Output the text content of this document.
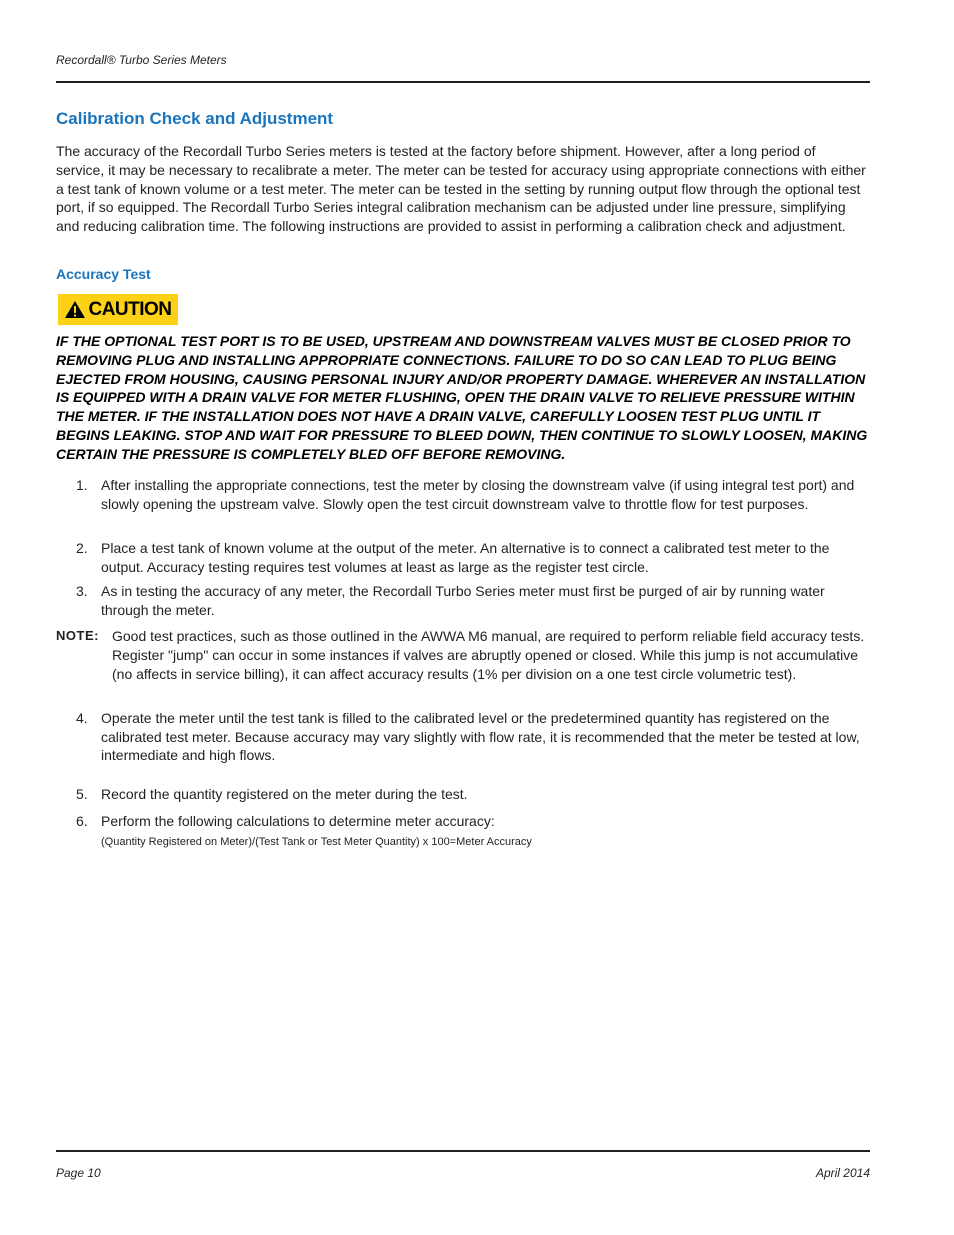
Recordall® Turbo Series Meters
Calibration Check and Adjustment

The accuracy of the Recordall Turbo Series meters is tested at the factory before shipment. However, after a long period of service, it may be necessary to recalibrate a meter. The meter can be tested for accuracy using appropriate connections with either a test tank of known volume or a test meter. The meter can be tested in the setting by running output flow through the optional test port, if so equipped. The Recordall Turbo Series integral calibration mechanism can be adjusted under line pressure, simplifying and reducing calibration time. The following instructions are provided to assist in performing a calibration check and adjustment.

Accuracy Test
CAUTION

IF THE OPTIONAL TEST PORT IS TO BE USED, UPSTREAM AND DOWNSTREAM VALVES MUST BE CLOSED PRIOR TO REMOVING PLUG AND INSTALLING APPROPRIATE CONNECTIONS. FAILURE TO DO SO CAN LEAD TO PLUG BEING EJECTED FROM HOUSING, CAUSING PERSONAL INJURY AND/OR PROPERTY DAMAGE. WHEREVER AN INSTALLATION IS EQUIPPED WITH A DRAIN VALVE FOR METER FLUSHING, OPEN THE DRAIN VALVE TO RELIEVE PRESSURE WITHIN THE METER. IF THE INSTALLATION DOES NOT HAVE A DRAIN VALVE, CAREFULLY LOOSEN TEST PLUG UNTIL IT BEGINS LEAKING. STOP AND WAIT FOR PRESSURE TO BLEED DOWN, THEN CONTINUE TO SLOWLY LOOSEN, MAKING CERTAIN THE PRESSURE IS COMPLETELY BLED OFF BEFORE REMOVING.

1. After installing the appropriate connections, test the meter by closing the downstream valve (if using integral test port) and slowly opening the upstream valve. Slowly open the test circuit downstream valve to throttle flow for test purposes.
2. Place a test tank of known volume at the output of the meter. An alternative is to connect a calibrated test meter to the output. Accuracy testing requires test volumes at least as large as the register test circle.
3. As in testing the accuracy of any meter, the Recordall Turbo Series meter must first be purged of air by running water through the meter.
NOTE: Good test practices, such as those outlined in the AWWA M6 manual, are required to perform reliable field accuracy tests. Register "jump" can occur in some instances if valves are abruptly opened or closed. While this jump is not accumulative (no affects in service billing), it can affect accuracy results (1% per division on a one test circle volumetric test).
4. Operate the meter until the test tank is filled to the calibrated level or the predetermined quantity has registered on the calibrated test meter. Because accuracy may vary slightly with flow rate, it is recommended that the meter be tested at low, intermediate and high flows.
5. Record the quantity registered on the meter during the test.
6. Perform the following calculations to determine meter accuracy:
(Quantity Registered on Meter)/(Test Tank or Test Meter Quantity) x 100=Meter Accuracy
Page 10	April 2014
